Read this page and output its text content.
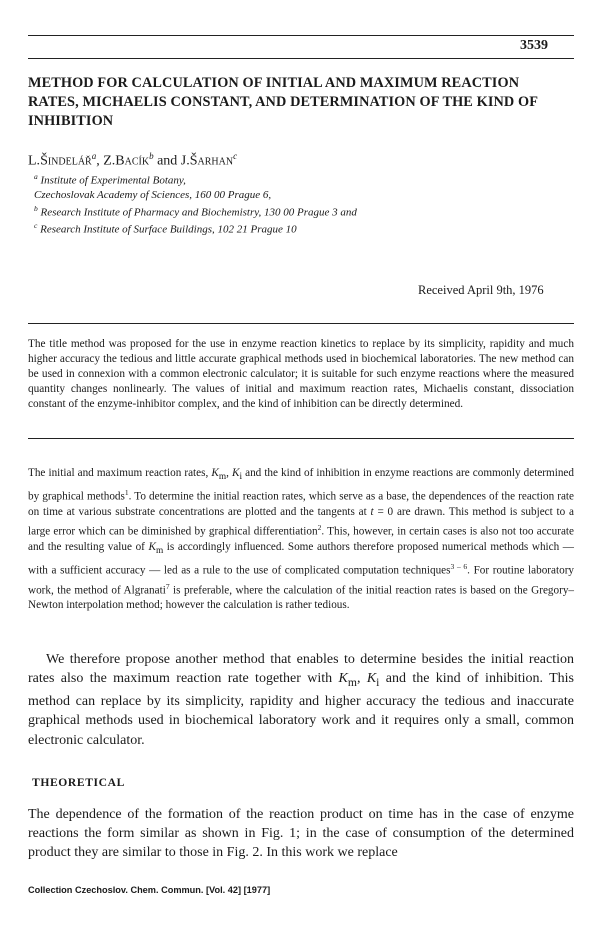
3539
METHOD FOR CALCULATION OF INITIAL AND MAXIMUM REACTION RATES, MICHAELIS CONSTANT, AND DETERMINATION OF THE KIND OF INHIBITION
L.Šindelář$^a$, Z.Bacík$^b$ and J.Šarhan$^c$
$^a$ Institute of Experimental Botany,
Czechoslovak Academy of Sciences, 160 00 Prague 6,
$^b$ Research Institute of Pharmacy and Biochemistry, 130 00 Prague 3 and
$^c$ Research Institute of Surface Buildings, 102 21 Prague 10
Received April 9th, 1976

The title method was proposed for the use in enzyme reaction kinetics to replace by its simplicity, rapidity and much higher accuracy the tedious and little accurate graphical methods used in biochemical laboratories. The new method can be used in connexion with a common electronic calculator; it is suitable for such enzyme reactions where the measured quantity changes nonlinearly. The values of initial and maximum reaction rates, Michaelis constant, dissociation constant of the enzyme-inhibitor complex, and the kind of inhibition can be directly determined.

The initial and maximum reaction rates, $K_m$, $K_i$ and the kind of inhibition in enzyme reactions are commonly determined by graphical methods$^1$. To determine the initial reaction rates, which serve as a base, the dependences of the reaction rate on time at various substrate concentrations are plotted and the tangents at t = 0 are drawn. This method is subject to a large error which can be diminished by graphical differentiation$^2$. This, however, in certain cases is also not too accurate and the resulting value of $K_m$ is accordingly influenced. Some authors therefore proposed numerical methods which — with a sufficient accuracy — led as a rule to the use of complicated computation techniques$^{3 - 6}$. For routine laboratory work, the method of Algranati$^7$ is preferable, where the calculation of the initial reaction rates is based on the Gregory–Newton interpolation method; however the calculation is rather tedious.

We therefore propose another method that enables to determine besides the initial reaction rates also the maximum reaction rate together with $K_m$, $K_i$ and the kind of inhibition. This method can replace by its simplicity, rapidity and higher accuracy the tedious and inaccurate graphical methods used in biochemical laboratory work and it requires only a small, common electronic calculator.

THEORETICAL

The dependence of the formation of the reaction product on time has in the case of enzyme reactions the form similar as shown in Fig. 1; in the case of consumption of the determined product they are similar to those in Fig. 2. In this work we replace

Collection Czechoslov. Chem. Commun. [Vol. 42] [1977]
